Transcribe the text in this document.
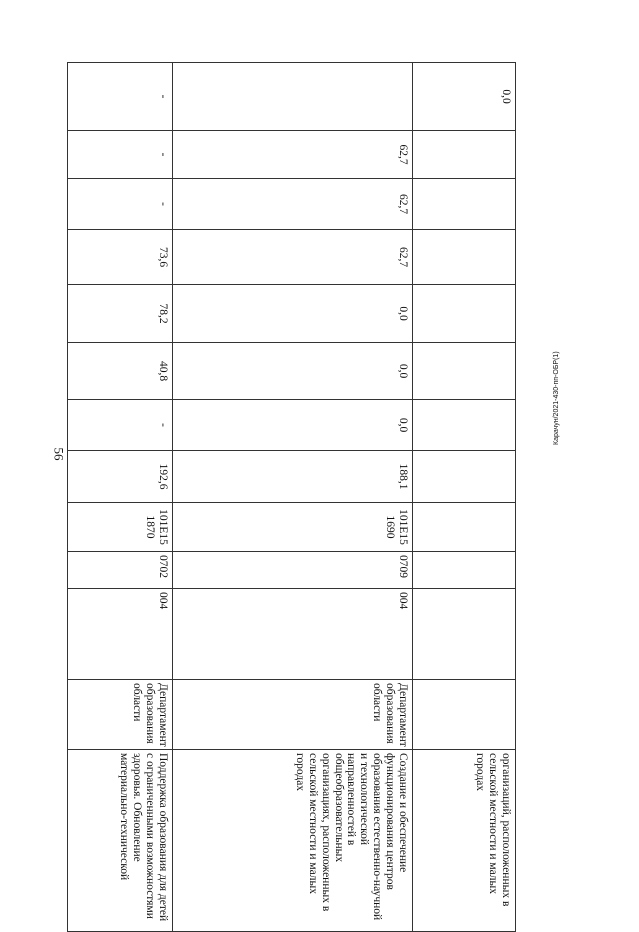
56
Карачун/2021-430-пп-ОБР(1)
0,0												организаций, расположенных в сельской местности и малых городах
	62,7	62,7	62,7	0,0	0,0	0,0	188,1	101E15 1690	0709	004	Департамент образования области	Создание и обеспечение функционирования центров образования естественно-научной и технологической направленностей в общеобразовательных организациях, расположенных в сельской местности и малых городах
-	-	-	73,6	78,2	40,8	-	192,6	101E15 1870	0702	004	Департамент образования области	Поддержка образования для детей с ограниченными возможностями здоровья. Обновление материально-технической
